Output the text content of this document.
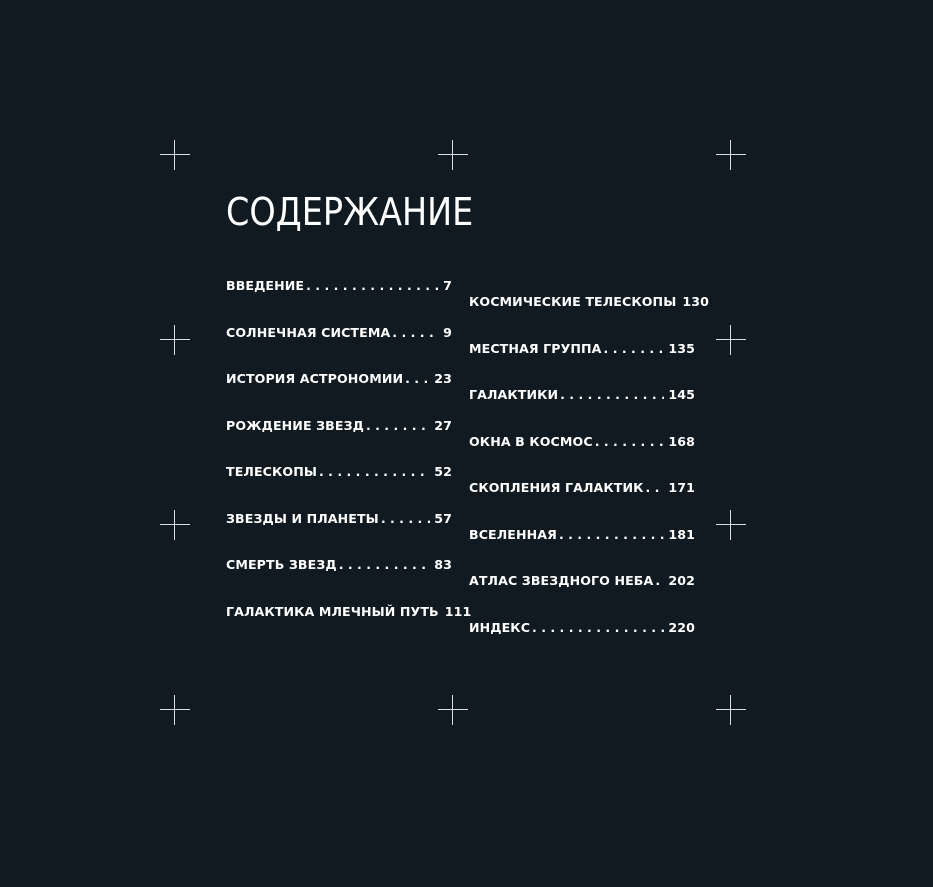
СОДЕРЖАНИЕ
ВВЕДЕНИЕ . . .	7
СОЛНЕЧНАЯ СИСТЕМА . . .	9
ИСТОРИЯ АСТРОНОМИИ . . .	23
РОЖДЕНИЕ ЗВЕЗД . . .	27
ТЕЛЕСКОПЫ . . .	52
ЗВЕЗДЫ И ПЛАНЕТЫ . . .	57
СМЕРТЬ ЗВЕЗД . . .	83
ГАЛАКТИКА МЛЕЧНЫЙ ПУТЬ . . . 111
КОСМИЧЕСКИЕ ТЕЛЕСКОПЫ . . . 130
МЕСТНАЯ ГРУППА . . .	135
ГАЛАКТИКИ . . .	145
ОКНА В КОСМОС . . .	168
СКОПЛЕНИЯ ГАЛАКТИК . . .	171
ВСЕЛЕННАЯ . . .	181
АТЛАС ЗВЕЗДНОГО НЕБА . . .	202
ИНДЕКС . . .	220
